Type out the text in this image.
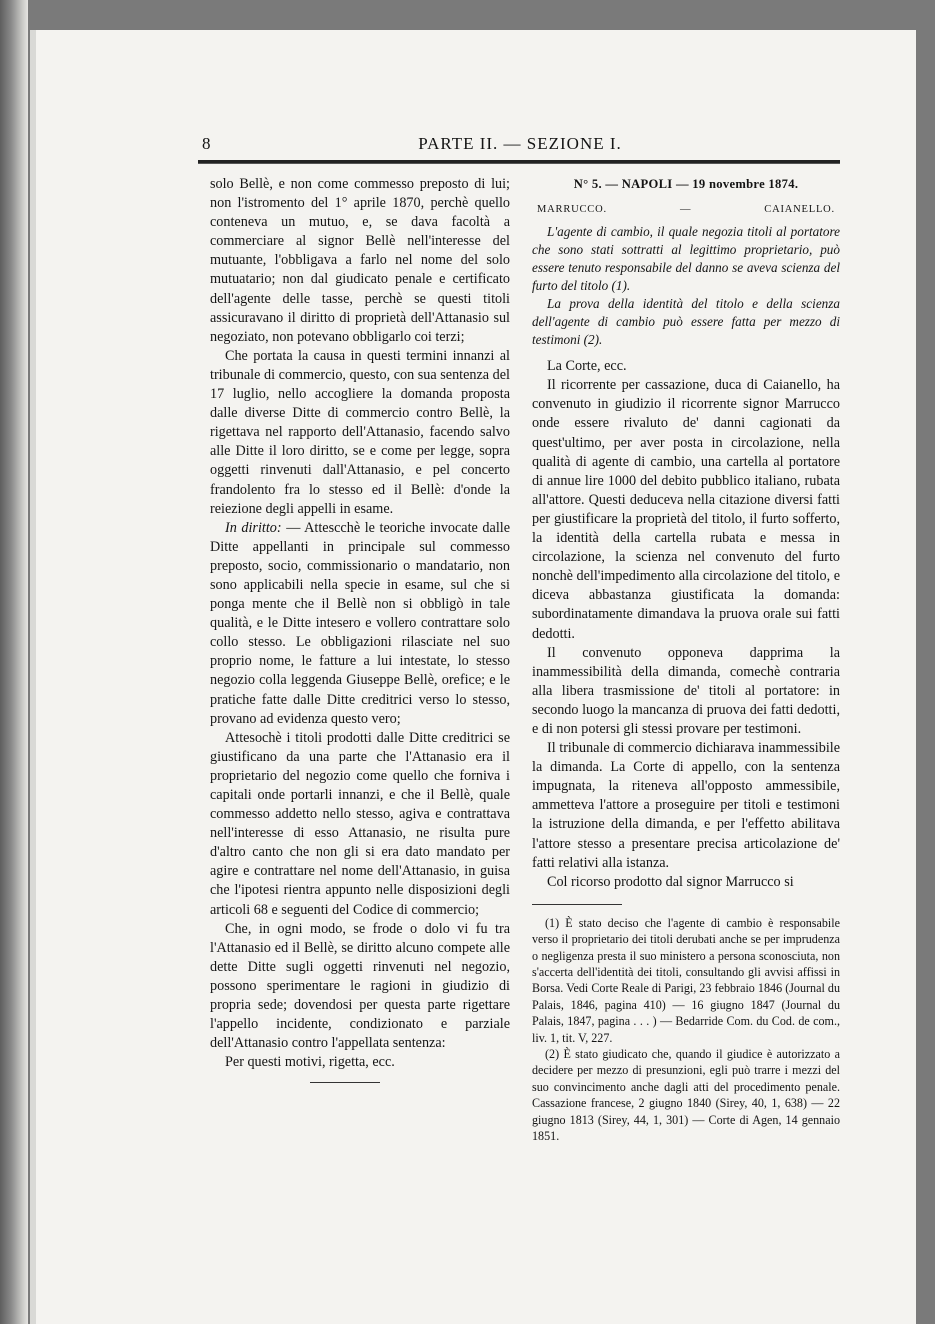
8	PARTE II. — SEZIONE I.

solo Bellè, e non come commesso preposto di lui; non l'istromento del 1° aprile 1870, perchè quello conteneva un mutuo, e, se dava facoltà a commerciare al signor Bellè nell'interesse del mutuante, l'obbligava a farlo nel nome del solo mutuatario; non dal giudicato penale e certificato dell'agente delle tasse, perchè se questi titoli assicuravano il diritto di proprietà dell'Attanasio sul negoziato, non potevano obbligarlo coi terzi;

Che portata la causa in questi termini innanzi al tribunale di commercio, questo, con sua sentenza del 17 luglio, nello accogliere la domanda proposta dalle diverse Ditte di commercio contro Bellè, la rigettava nel rapporto dell'Attanasio, facendo salvo alle Ditte il loro diritto, se e come per legge, sopra oggetti rinvenuti dall'Attanasio, e pel concerto frandolento fra lo stesso ed il Bellè: d'onde la reiezione degli appelli in esame.

In diritto: — Attescchè le teoriche invocate dalle Ditte appellanti in principale sul commesso preposto, socio, commissionario o mandatario, non sono applicabili nella specie in esame, sul che si ponga mente che il Bellè non si obbligò in tale qualità, e le Ditte intesero e vollero contrattare solo collo stesso. Le obbligazioni rilasciate nel suo proprio nome, le fatture a lui intestate, lo stesso negozio colla leggenda Giuseppe Bellè, orefice; e le pratiche fatte dalle Ditte creditrici verso lo stesso, provano ad evidenza questo vero;

Attesochè i titoli prodotti dalle Ditte creditrici se giustificano da una parte che l'Attanasio era il proprietario del negozio come quello che forniva i capitali onde portarli innanzi, e che il Bellè, quale commesso addetto nello stesso, agiva e contrattava nell'interesse di esso Attanasio, ne risulta pure d'altro canto che non gli si era dato mandato per agire e contrattare nel nome dell'Attanasio, in guisa che l'ipotesi rientra appunto nelle disposizioni degli articoli 68 e seguenti del Codice di commercio;

Che, in ogni modo, se frode o dolo vi fu tra l'Attanasio ed il Bellè, se diritto alcuno compete alle dette Ditte sugli oggetti rinvenuti nel negozio, possono sperimentare le ragioni in giudizio di propria sede; dovendosi per questa parte rigettare l'appello incidente, condizionato e parziale dell'Attanasio contro l'appellata sentenza:

Per questi motivi, rigetta, ecc.

N° 5. — NAPOLI — 19 novembre 1874.
MARRUCCO.	—	CAIANELLO.

L'agente di cambio, il quale negozia titoli al portatore che sono stati sottratti al legittimo proprietario, può essere tenuto responsabile del danno se aveva scienza del furto del titolo (1).

La prova della identità del titolo e della scienza dell'agente di cambio può essere fatta per mezzo di testimoni (2).

La Corte, ecc.

Il ricorrente per cassazione, duca di Caianello, ha convenuto in giudizio il ricorrente signor Marrucco onde essere rivaluto de' danni cagionati da quest'ultimo, per aver posta in circolazione, nella qualità di agente di cambio, una cartella al portatore di annue lire 1000 del debito pubblico italiano, rubata all'attore. Questi deduceva nella citazione diversi fatti per giustificare la proprietà del titolo, il furto sofferto, la identità della cartella rubata e messa in circolazione, la scienza nel convenuto del furto nonchè dell'impedimento alla circolazione del titolo, e diceva abbastanza giustificata la domanda: subordinatamente dimandava la pruova orale sui fatti dedotti.

Il convenuto opponeva dapprima la inammessibilità della dimanda, comechè contraria alla libera trasmissione de' titoli al portatore: in secondo luogo la mancanza di pruova dei fatti dedotti, e di non potersi gli stessi provare per testimoni.

Il tribunale di commercio dichiarava inammessibile la dimanda. La Corte di appello, con la sentenza impugnata, la riteneva all'opposto ammessibile, ammetteva l'attore a proseguire per titoli e testimoni la istruzione della dimanda, e per l'effetto abilitava l'attore stesso a presentare precisa articolazione de' fatti relativi alla istanza.

Col ricorso prodotto dal signor Marrucco si

(1) È stato deciso che l'agente di cambio è responsabile verso il proprietario dei titoli derubati anche se per imprudenza o negligenza presta il suo ministero a persona sconosciuta, non s'accerta dell'identità dei titoli, consultando gli avvisi affissi in Borsa. Vedi Corte Reale di Parigi, 23 febbraio 1846 (Journal du Palais, 1846, pagina 410) — 16 giugno 1847 (Journal du Palais, 1847, pagina . . . ) — Bedarride Com. du Cod. de com., liv. 1, tit. V, 227.

(2) È stato giudicato che, quando il giudice è autorizzato a decidere per mezzo di presunzioni, egli può trarre i mezzi del suo convincimento anche dagli atti del procedimento penale. Cassazione francese, 2 giugno 1840 (Sirey, 40, 1, 638) — 22 giugno 1813 (Sirey, 44, 1, 301) — Corte di Agen, 14 gennaio 1851.
